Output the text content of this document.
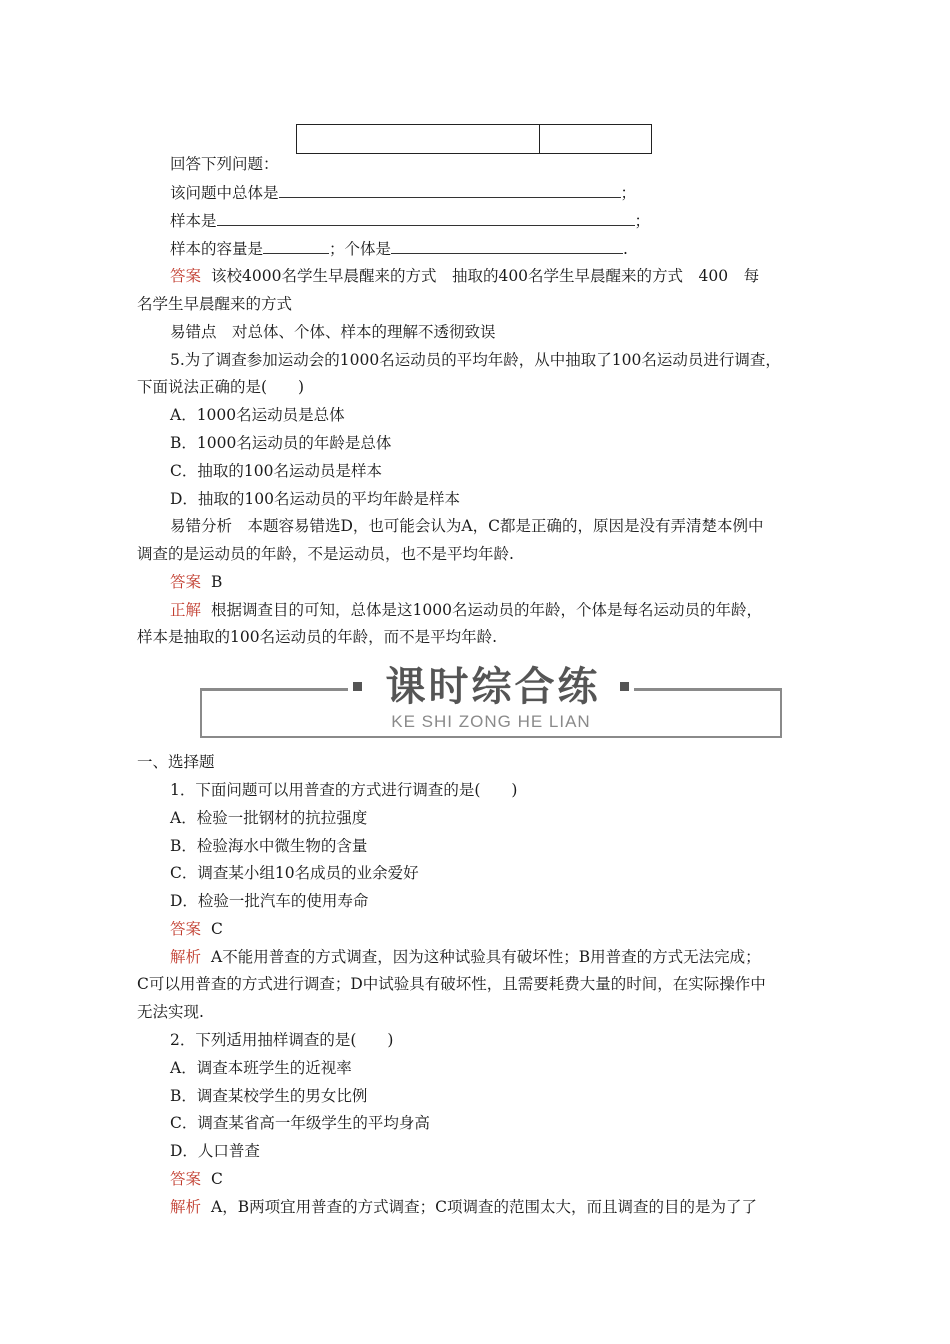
回答下列问题：
该问题中总体是	；
样本是	；
样本的容量是	；个体是	.
答案 该校4000名学生早晨醒来的方式　抽取的400名学生早晨醒来的方式　400　每
名学生早晨醒来的方式
易错点　对总体、个体、样本的理解不透彻致误
5.为了调查参加运动会的1000名运动员的平均年龄，从中抽取了100名运动员进行调查，
下面说法正确的是(　　)
A．1000名运动员是总体
B．1000名运动员的年龄是总体
C．抽取的100名运动员是样本
D．抽取的100名运动员的平均年龄是样本
易错分析　本题容易错选D，也可能会认为A，C都是正确的，原因是没有弄清楚本例中
调查的是运动员的年龄，不是运动员，也不是平均年龄.
答案 B
正解 根据调查目的可知，总体是这1000名运动员的年龄，个体是每名运动员的年龄，
样本是抽取的100名运动员的年龄，而不是平均年龄.
课时综合练
KE SHI ZONG HE LIAN
一、选择题
1．下面问题可以用普查的方式进行调查的是(　　)
A．检验一批钢材的抗拉强度
B．检验海水中微生物的含量
C．调查某小组10名成员的业余爱好
D．检验一批汽车的使用寿命
答案 C
解析 A不能用普查的方式调查，因为这种试验具有破坏性；B用普查的方式无法完成；
C可以用普查的方式进行调查；D中试验具有破坏性，且需要耗费大量的时间，在实际操作中
无法实现.
2．下列适用抽样调查的是(　　)
A．调查本班学生的近视率
B．调查某校学生的男女比例
C．调查某省高一年级学生的平均身高
D．人口普查
答案 C
解析 A，B两项宜用普查的方式调查；C项调查的范围太大，而且调查的目的是为了了
